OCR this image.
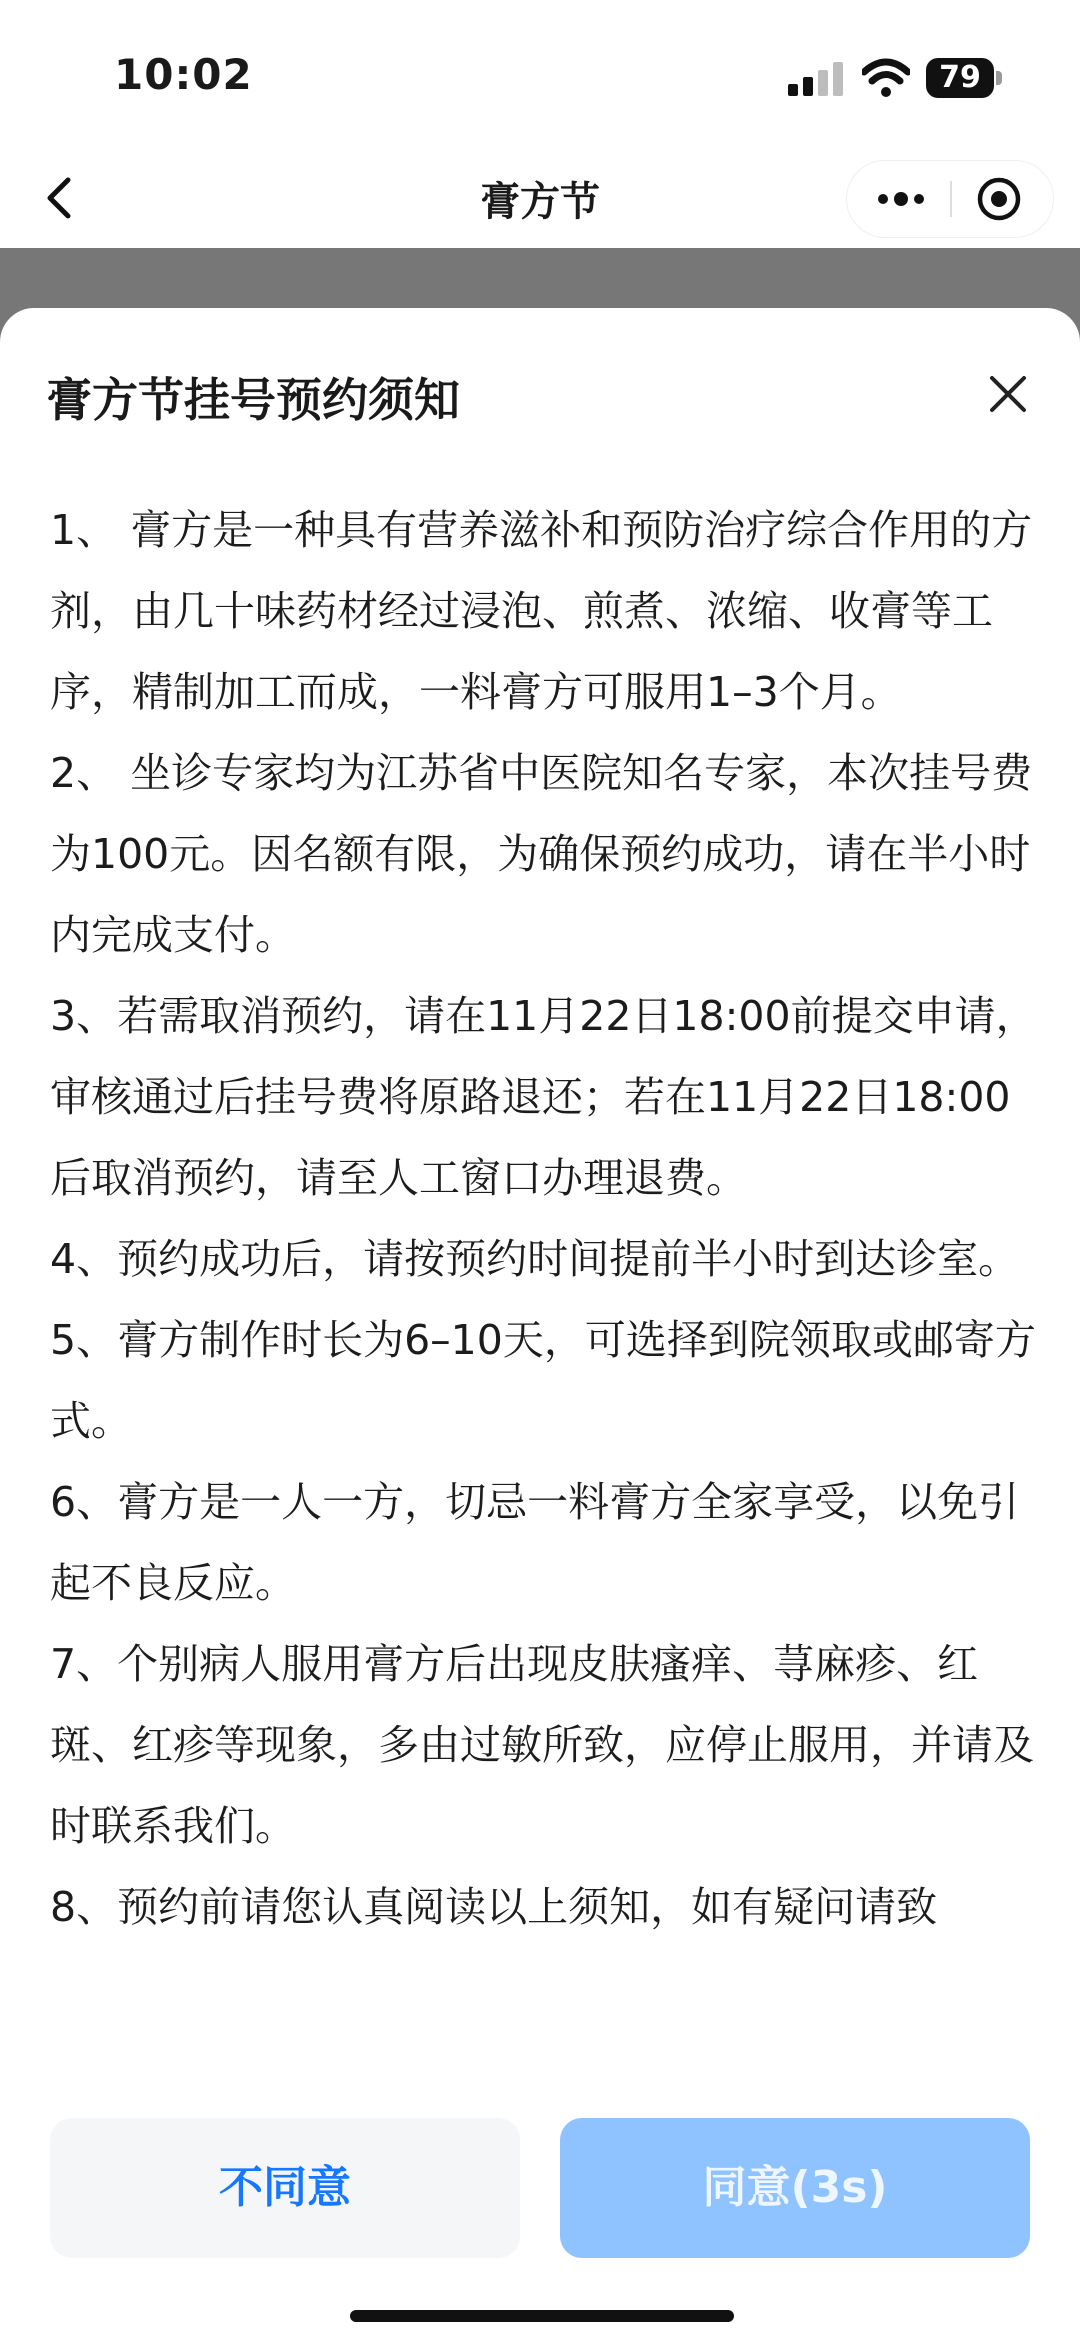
10:02	79
膏方节
膏方节挂号预约须知

1、 膏方是一种具有营养滋补和预防治疗综合作用的方剂，由几十味药材经过浸泡、煎煮、浓缩、收膏等工序，精制加工而成，一料膏方可服用1–3个月。

2、 坐诊专家均为江苏省中医院知名专家，本次挂号费为100元。因名额有限，为确保预约成功，请在半小时内完成支付。

3、若需取消预约，请在11月22日18:00前提交申请，审核通过后挂号费将原路退还；若在11月22日18:00后取消预约，请至人工窗口办理退费。

4、预约成功后，请按预约时间提前半小时到达诊室。

5、膏方制作时长为6–10天，可选择到院领取或邮寄方式。

6、膏方是一人一方，切忌一料膏方全家享受，以免引起不良反应。

7、个别病人服用膏方后出现皮肤瘙痒、荨麻疹、红斑、红疹等现象，多由过敏所致，应停止服用，并请及时联系我们。

8、预约前请您认真阅读以上须知，如有疑问请致

不同意	同意(3s)
